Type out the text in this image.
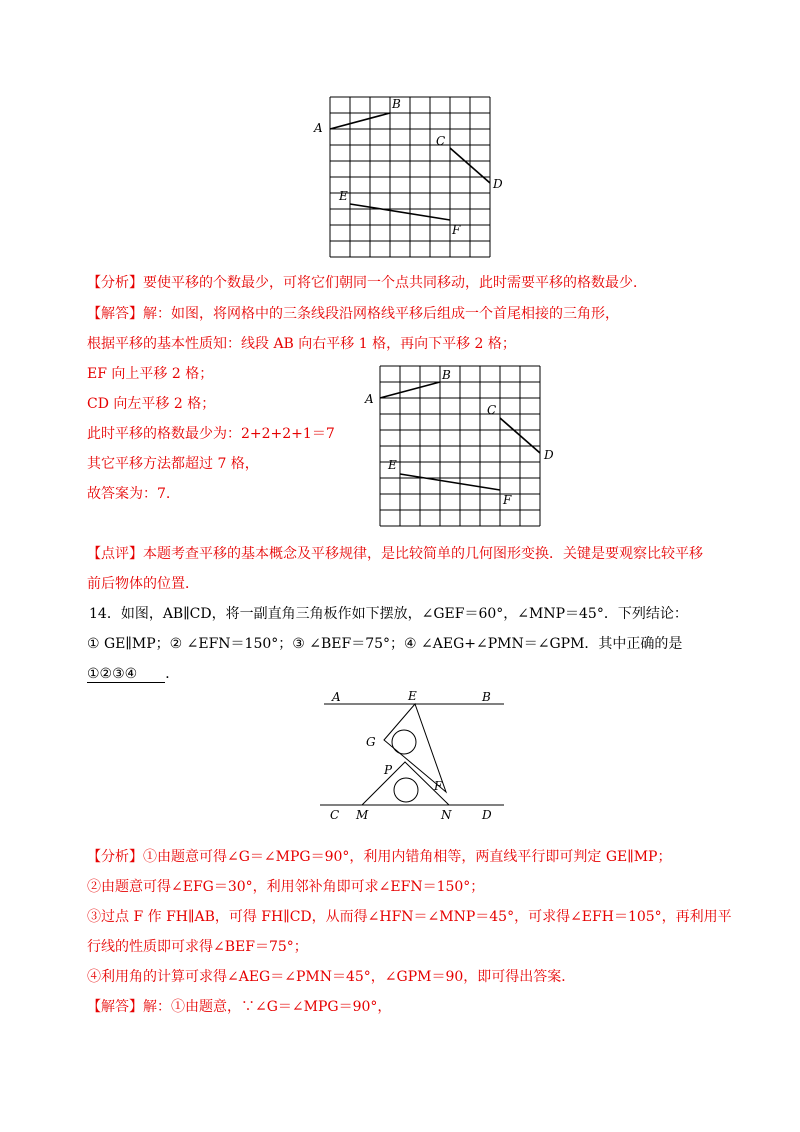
A
B
C
D
E
F
【分析】要使平移的个数最少，可将它们朝同一个点共同移动，此时需要平移的格数最少．
【解答】解：如图，将网格中的三条线段沿网格线平移后组成一个首尾相接的三角形，
根据平移的基本性质知：线段 AB 向右平移 1 格，再向下平移 2 格；
EF 向上平移 2 格；
CD 向左平移 2 格；
此时平移的格数最少为：2+2+2+1＝7
其它平移方法都超过 7 格，
故答案为：7.
A
B
C
D
E
F
【点评】本题考查平移的基本概念及平移规律，是比较简单的几何图形变换．关键是要观察比较平移
前后物体的位置．
14．如图，AB∥CD，将一副直角三角板作如下摆放，∠GEF＝60°，∠MNP＝45°．下列结论：
① GE∥MP；② ∠EFN＝150°；③ ∠BEF＝75°；④ ∠AEG+∠PMN＝∠GPM．其中正确的是
①②③④ ．
A	E	B
G
P
F
C M	N	D
【分析】①由题意可得∠G＝∠MPG＝90°，利用内错角相等，两直线平行即可判定 GE∥MP；
②由题意可得∠EFG＝30°，利用邻补角即可求∠EFN＝150°；
③过点 F 作 FH∥AB，可得 FH∥CD，从而得∠HFN＝∠MNP＝45°，可求得∠EFH＝105°，再利用平
行线的性质即可求得∠BEF＝75°；
④利用角的计算可求得∠AEG＝∠PMN＝45°，∠GPM＝90，即可得出答案．
【解答】解：①由题意，∵∠G＝∠MPG＝90°，
